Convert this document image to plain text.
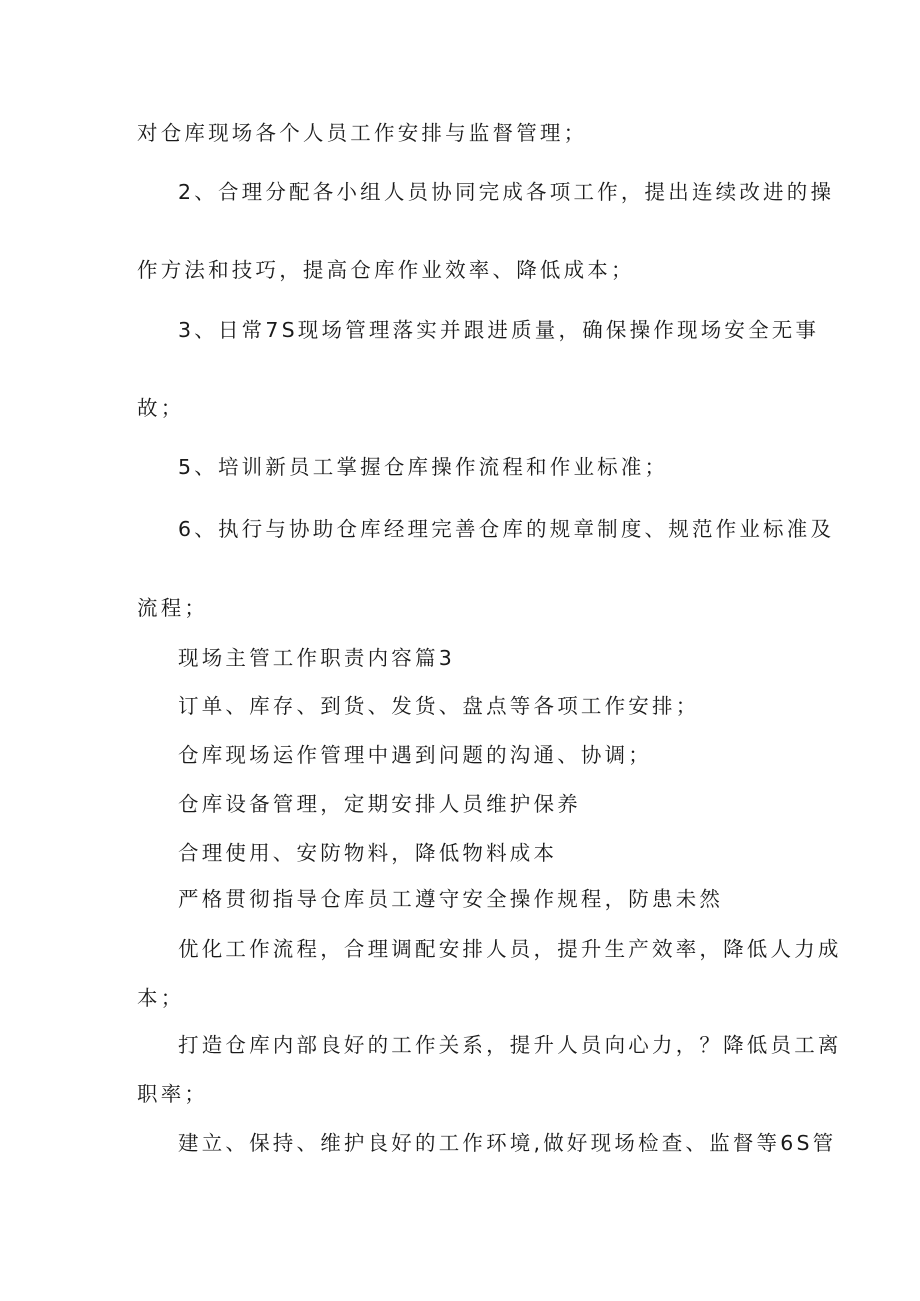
对仓库现场各个人员工作安排与监督管理；
2、合理分配各小组人员协同完成各项工作，提出连续改进的操
作方法和技巧，提高仓库作业效率、降低成本；
3、日常7S现场管理落实并跟进质量，确保操作现场安全无事
故；
5、培训新员工掌握仓库操作流程和作业标准；
6、执行与协助仓库经理完善仓库的规章制度、规范作业标准及
流程；
现场主管工作职责内容篇3
订单、库存、到货、发货、盘点等各项工作安排；
仓库现场运作管理中遇到问题的沟通、协调；
仓库设备管理，定期安排人员维护保养
合理使用、安防物料，降低物料成本
严格贯彻指导仓库员工遵守安全操作规程，防患未然
优化工作流程，合理调配安排人员，提升生产效率，降低人力成
本；
打造仓库内部良好的工作关系，提升人员向心力，？降低员工离
职率；
建立、保持、维护良好的工作环境,做好现场检查、监督等6S管
